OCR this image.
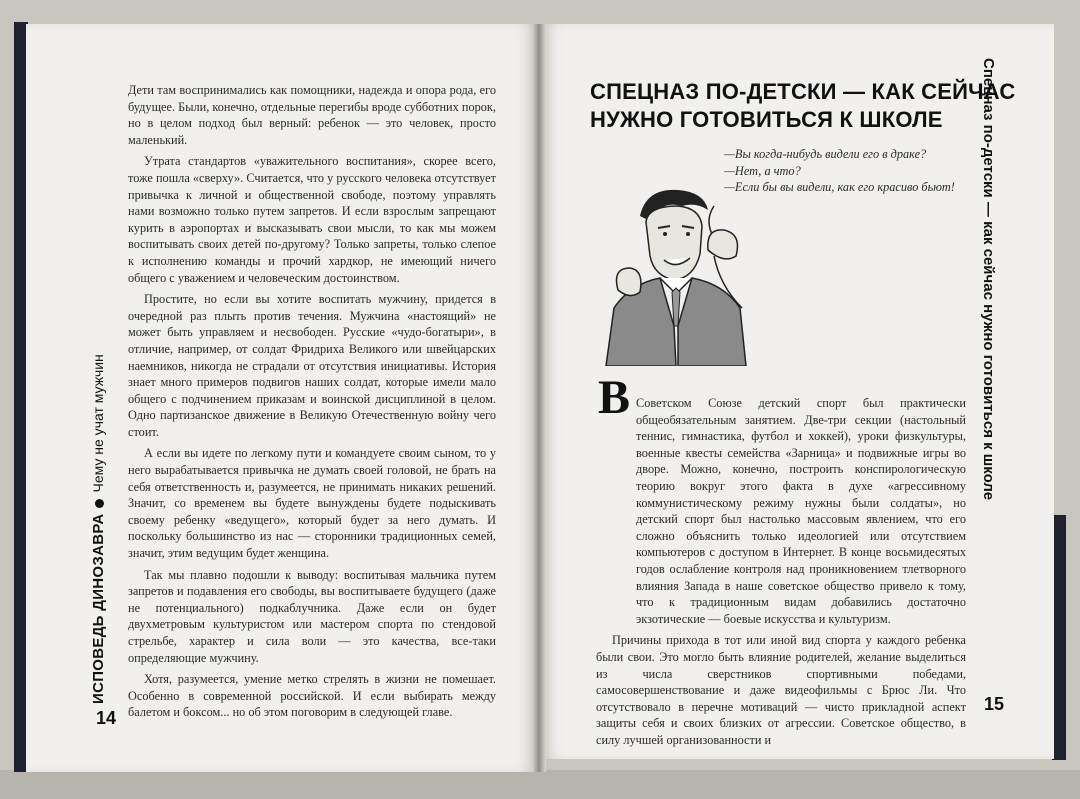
ИСПОВЕДЬ ДИНОЗАВРАЧему не учат мужчин

Дети там воспринимались как помощники, надежда и опора рода, его будущее. Были, конечно, отдельные перегибы вроде субботних порок, но в целом подход был верный: ребенок — это человек, просто маленький.

Утрата стандартов «уважительного воспитания», скорее всего, тоже пошла «сверху». Считается, что у русского человека отсутствует привычка к личной и общественной свободе, поэтому управлять нами возможно только путем запретов. И если взрослым запрещают курить в аэропортах и высказывать свои мысли, то как мы можем воспитывать своих детей по-другому? Только запреты, только слепое к исполнению команды и прочий хардкор, не имеющий ничего общего с уважением и человеческим достоинством.

Простите, но если вы хотите воспитать мужчину, придется в очередной раз плыть против течения. Мужчина «настоящий» не может быть управляем и несвободен. Русские «чудо-богатыри», в отличие, например, от солдат Фридриха Великого или швейцарских наемников, никогда не страдали от отсутствия инициативы. История знает много примеров подвигов наших солдат, которые имели мало общего с подчинением приказам и воинской дисциплиной в целом. Одно партизанское движение в Великую Отечественную войну чего стоит.

А если вы идете по легкому пути и командуете своим сыном, то у него вырабатывается привычка не думать своей головой, не брать на себя ответственность и, разумеется, не принимать никаких решений. Значит, со временем вы будете вынуждены будете подыскивать своему ребенку «ведущего», который будет за него думать. И поскольку большинство из нас — сторонники традиционных семей, значит, этим ведущим будет женщина.

Так мы плавно подошли к выводу: воспитывая мальчика путем запретов и подавления его свободы, вы воспитываете будущего (даже не потенциального) подкаблучника. Даже если он будет двухметровым культуристом или мастером спорта по стендовой стрельбе, характер и сила воли — это качества, все-таки определяющие мужчину.

Хотя, разумеется, умение метко стрелять в жизни не помешает. Особенно в современной российской. И если выбирать между балетом и боксом... но об этом поговорим в следующей главе.

14
СПЕЦНАЗ ПО-ДЕТСКИ — КАК СЕЙЧАС
НУЖНО ГОТОВИТЬСЯ К ШКОЛЕ
—Вы когда-нибудь видели его в драке?
—Нет, а что?
—Если бы вы видели, как его красиво бьют!
В Советском Союзе детский спорт был практически общеобязательным занятием. Две-три секции (настольный теннис, гимнастика, футбол и хоккей), уроки физкультуры, военные квесты семейства «Зарница» и подвижные игры во дворе. Можно, конечно, построить конспирологическую теорию вокруг этого факта в духе «агрессивному коммунистическому режиму нужны были солдаты», но детский спорт был настолько массовым явлением, что его сложно объяснить только идеологией или отсутствием компьютеров с доступом в Интернет. В конце восьмидесятых годов ослабление контроля над проникновением тлетворного влияния Запада в наше советское общество привело к тому, что к традиционным видам добавились достаточно экзотические — боевые искусства и культуризм.

Причины прихода в тот или иной вид спорта у каждого ребенка были свои. Это могло быть влияние родителей, желание выделиться из числа сверстников спортивными победами, самосовершенствование и даже видеофильмы с Брюс Ли. Что отсутствовало в перечне мотиваций — чисто прикладной аспект защиты себя и своих близких от агрессии. Советское общество, в силу лучшей организованности и

Спецназ по-детски — как сейчас нужно готовиться к школе
15
